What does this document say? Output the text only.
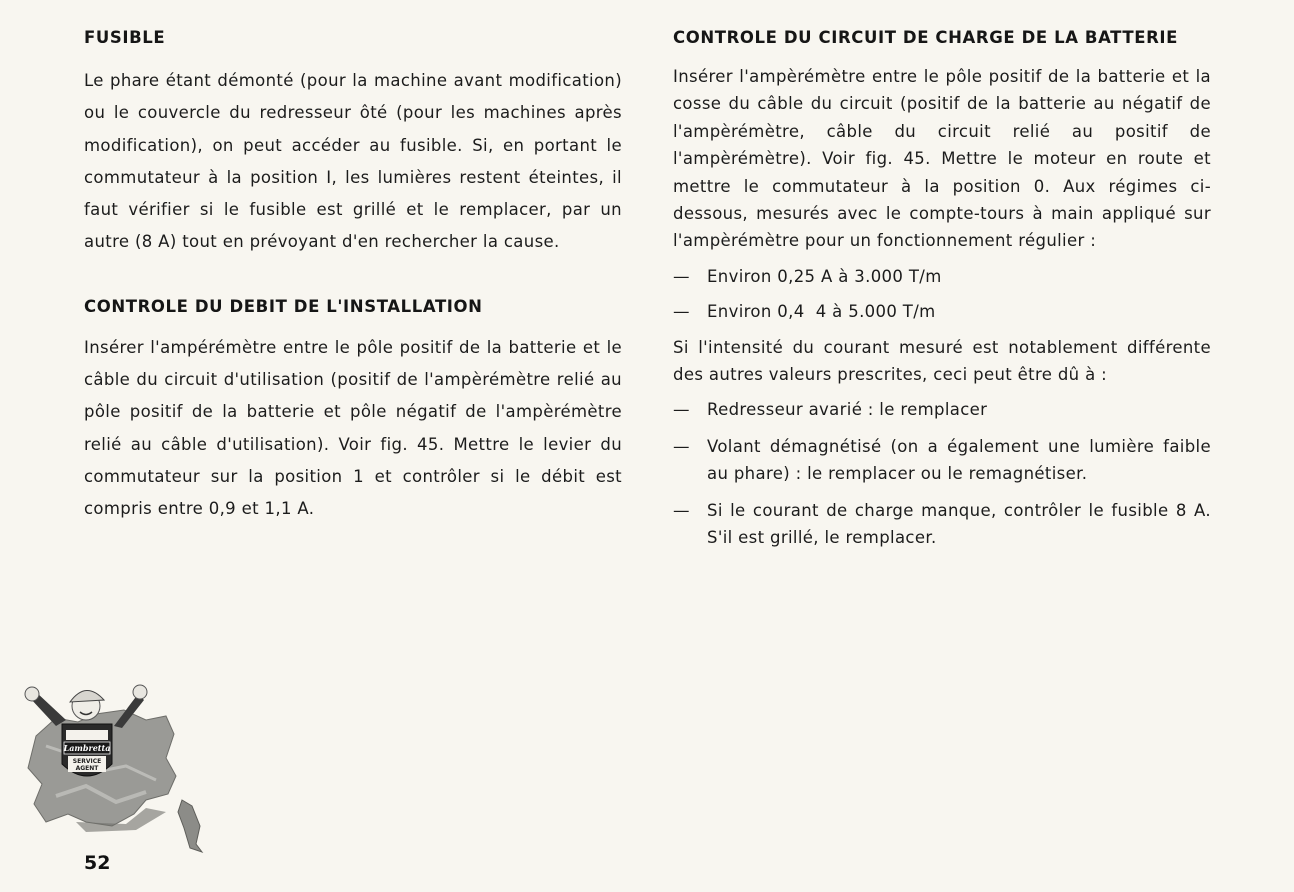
FUSIBLE

Le phare étant démonté (pour la machine avant modification) ou le couvercle du redresseur ôté (pour les machines après modification), on peut accéder au fusible. Si, en portant le commutateur à la position I, les lumières restent éteintes, il faut vérifier si le fusible est grillé et le remplacer, par un autre (8 A) tout en prévoyant d'en rechercher la cause.

CONTROLE DU DEBIT DE L'INSTALLATION

Insérer l'ampérémètre entre le pôle positif de la batterie et le câble du circuit d'utilisation (positif de l'ampèrémètre relié au pôle positif de la batterie et pôle négatif de l'ampèrémètre relié au câble d'utilisation). Voir fig. 45. Mettre le levier du commutateur sur la position 1 et contrôler si le débit est compris entre 0,9 et 1,1 A.

CONTROLE DU CIRCUIT DE CHARGE DE LA BATTERIE

Insérer l'ampèrémètre entre le pôle positif de la batterie et la cosse du câble du circuit (positif de la batterie au négatif de l'ampèrémètre, câble du circuit relié au positif de l'ampèrémètre). Voir fig. 45. Mettre le moteur en route et mettre le commutateur à la position 0. Aux régimes ci-dessous, mesurés avec le compte-tours à main appliqué sur l'ampèrémètre pour un fonctionnement régulier :

— Environ 0,25 A à 3.000 T/m
— Environ 0,4  4 à 5.000 T/m

Si l'intensité du courant mesuré est notablement différente des autres valeurs prescrites, ceci peut être dû à :

— Redresseur avarié : le remplacer
— Volant démagnétisé (on a également une lumière faible au phare) : le remplacer ou le remagnétiser.
— Si le courant de charge manque, contrôler le fusible 8 A. S'il est grillé, le remplacer.
Lambretta
SERVICE
AGENT
52
